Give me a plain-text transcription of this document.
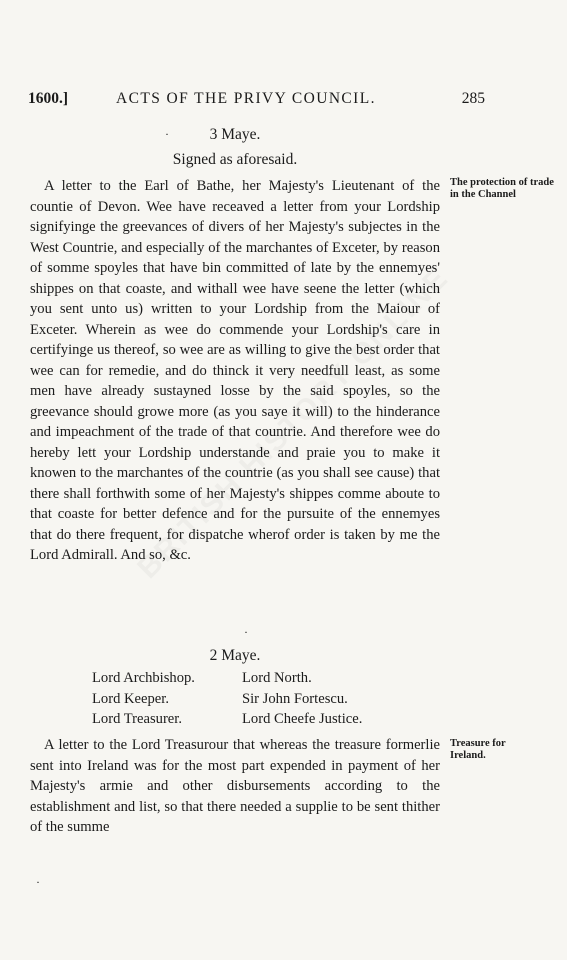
1600.]	ACTS OF THE PRIVY COUNCIL.	285
·	3 Maye.
Signed as aforesaid.

A letter to the Earl of Bathe, her Majesty's Lieutenant of the countie of Devon. Wee have receaved a letter from your Lordship signifyinge the greevances of divers of her Majesty's subjectes in the West Countrie, and especially of the marchantes of Exceter, by reason of somme spoyles that have bin committed of late by the ennemyes' shippes on that coaste, and withall wee have seene the letter (which you sent unto us) written to your Lordship from the Maiour of Exceter. Wherein as wee do commende your Lordship's care in certifyinge us thereof, so wee are as willing to give the best order that wee can for remedie, and do thinck it very needfull least, as some men have already sustayned losse by the said spoyles, so the greevance should growe more (as you saye it will) to the hinderance and impeachment of the trade of that countrie. And therefore wee do hereby lett your Lordship understande and praie you to make it knowen to the marchantes of the countrie (as you shall see cause) that there shall forthwith some of her Majesty's shippes comme aboute to that coaste for better defence and for the pursuite of the ennemyes that do there frequent, for dispatche wherof order is taken by me the Lord Admirall. And so, &c.

The protection of trade in the Channel
·
2 Maye.
Lord Archbishop.	Lord North.
Lord Keeper.	Sir John Fortescu.
Lord Treasurer.	Lord Cheefe Justice.

A letter to the Lord Treasurour that whereas the treasure formerlie sent into Ireland was for the most part expended in payment of her Majesty's armie and other disbursements according to the establishment and list, so that there needed a supplie to be sent thither of the summe

Treasure for Ireland.
·
